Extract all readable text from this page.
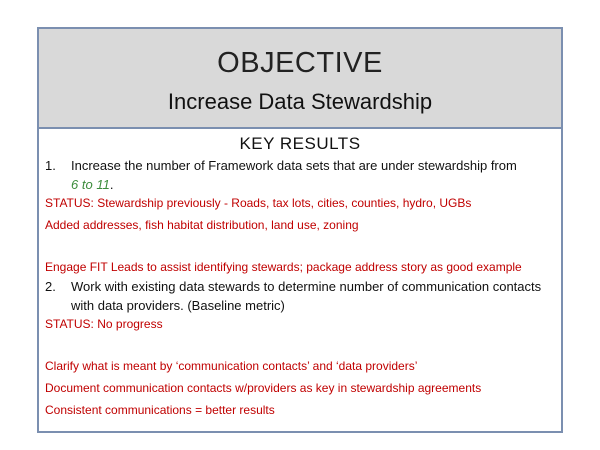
OBJECTIVE
Increase Data Stewardship
KEY RESULTS
1.	Increase the number of Framework data sets that are under stewardship from
6 to 11.
STATUS: Stewardship previously - Roads, tax lots, cities, counties, hydro, UGBs
Added addresses, fish habitat distribution, land use, zoning
Engage FIT Leads to assist identifying stewards; package address story as good example
2.	Work with existing data stewards to determine number of communication contacts with data providers. (Baseline metric)
STATUS: No progress
Clarify what is meant by ‘communication contacts’ and ‘data providers’
Document communication contacts w/providers as key in stewardship agreements
Consistent communications = better results
